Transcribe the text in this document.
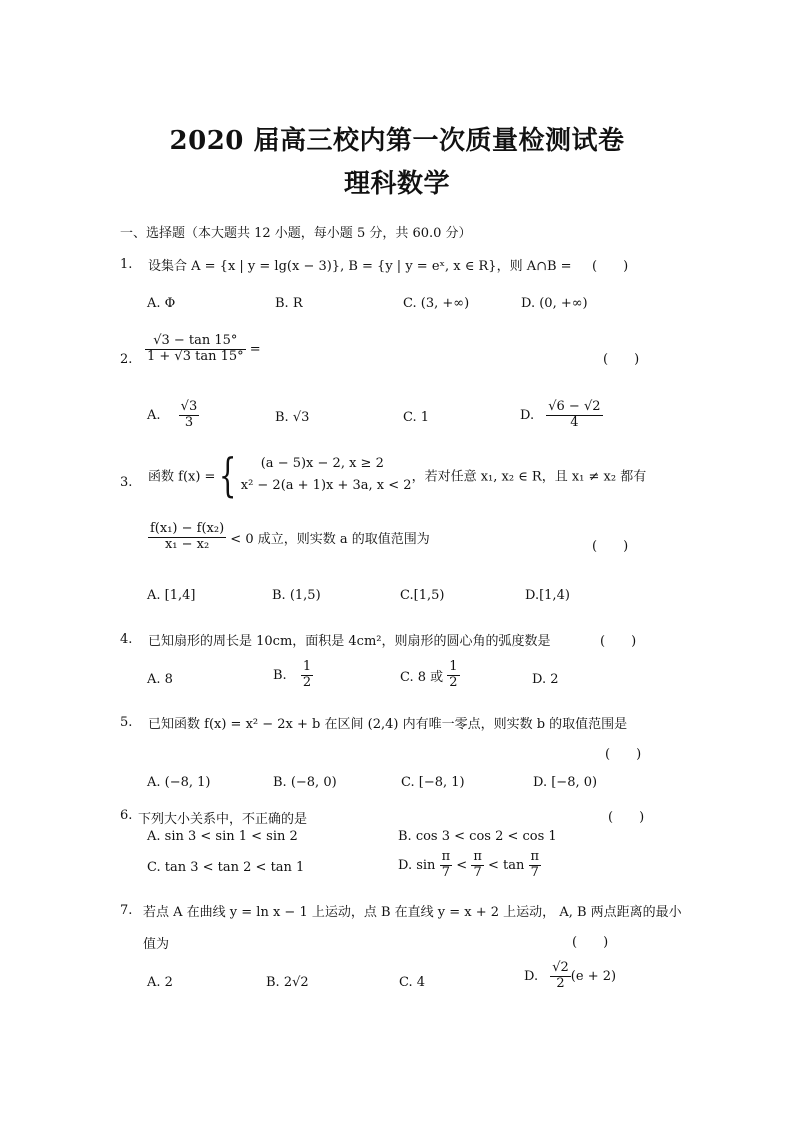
2020 届高三校内第一次质量检测试卷
理科数学
一、选择题（本大题共 12 小题，每小题 5 分，共 60.0 分）
1. 设集合 A = {x | y = lg(x − 3)}, B = {y | y = eˣ, x ∈ R}，则 A∩B = (　　)
A. Φ	B. R	C. (3, +∞)	D. (0, +∞)
2. $\frac{√3 - \tan 15^\circ}{1 + √3 \tan 15^\circ}$ =
(　　)
A. $\frac{√3}{3}$	B. √3	C. 1	D. $\frac{√6 - √2}{4}$
3. 函数 f(x) ={	(a − 5)x − 2, x ≥ 2
x² − 2(a + 1)x + 3a, x < 2
，若对任意 x₁, x₂ ∈ R，且 x₁ ≠ x₂ 都有
$\frac{\text{f(x₁) − f(x₂)}}{\text{x₁ − x₂}} < 0$ 成立，则实数 a 的取值范围为	(　　)
A. [1,4]	B. (1,5)	C.[1,5)	D.[1,4)
4. 已知扇形的周长是 10cm，面积是 4cm²，则扇形的圆心角的弧度数是	(　　)
A. 8	B. $\frac{1}{2}$	C. 8 或 $\frac{1}{2}$	D. 2
5. 已知函数 f(x) = x² − 2x + b 在区间 (2,4) 内有唯一零点，则实数 b 的取值范围是
(　　)
A. (−8, 1)	B. (−8, 0)	C. [−8, 1)	D. [−8, 0)
6. 下列大小关系中，不正确的是	(　　)
A. sin 3 < sin 1 < sin 2	B. cos 3 < cos 2 < cos 1
C. tan 3 < tan 2 < tan 1	D. $\sin \frac{\pi}{7} < \frac{\pi}{7} < \tan \frac{\pi}{7}$
7. 若点 A 在曲线 y = ln x − 1 上运动，点 B 在直线 y = x + 2 上运动， A, B 两点距离的最小
值为	(　　)
A. 2	B. 2√2	C. 4	D. $\frac{√2}{2} (e + 2)$
